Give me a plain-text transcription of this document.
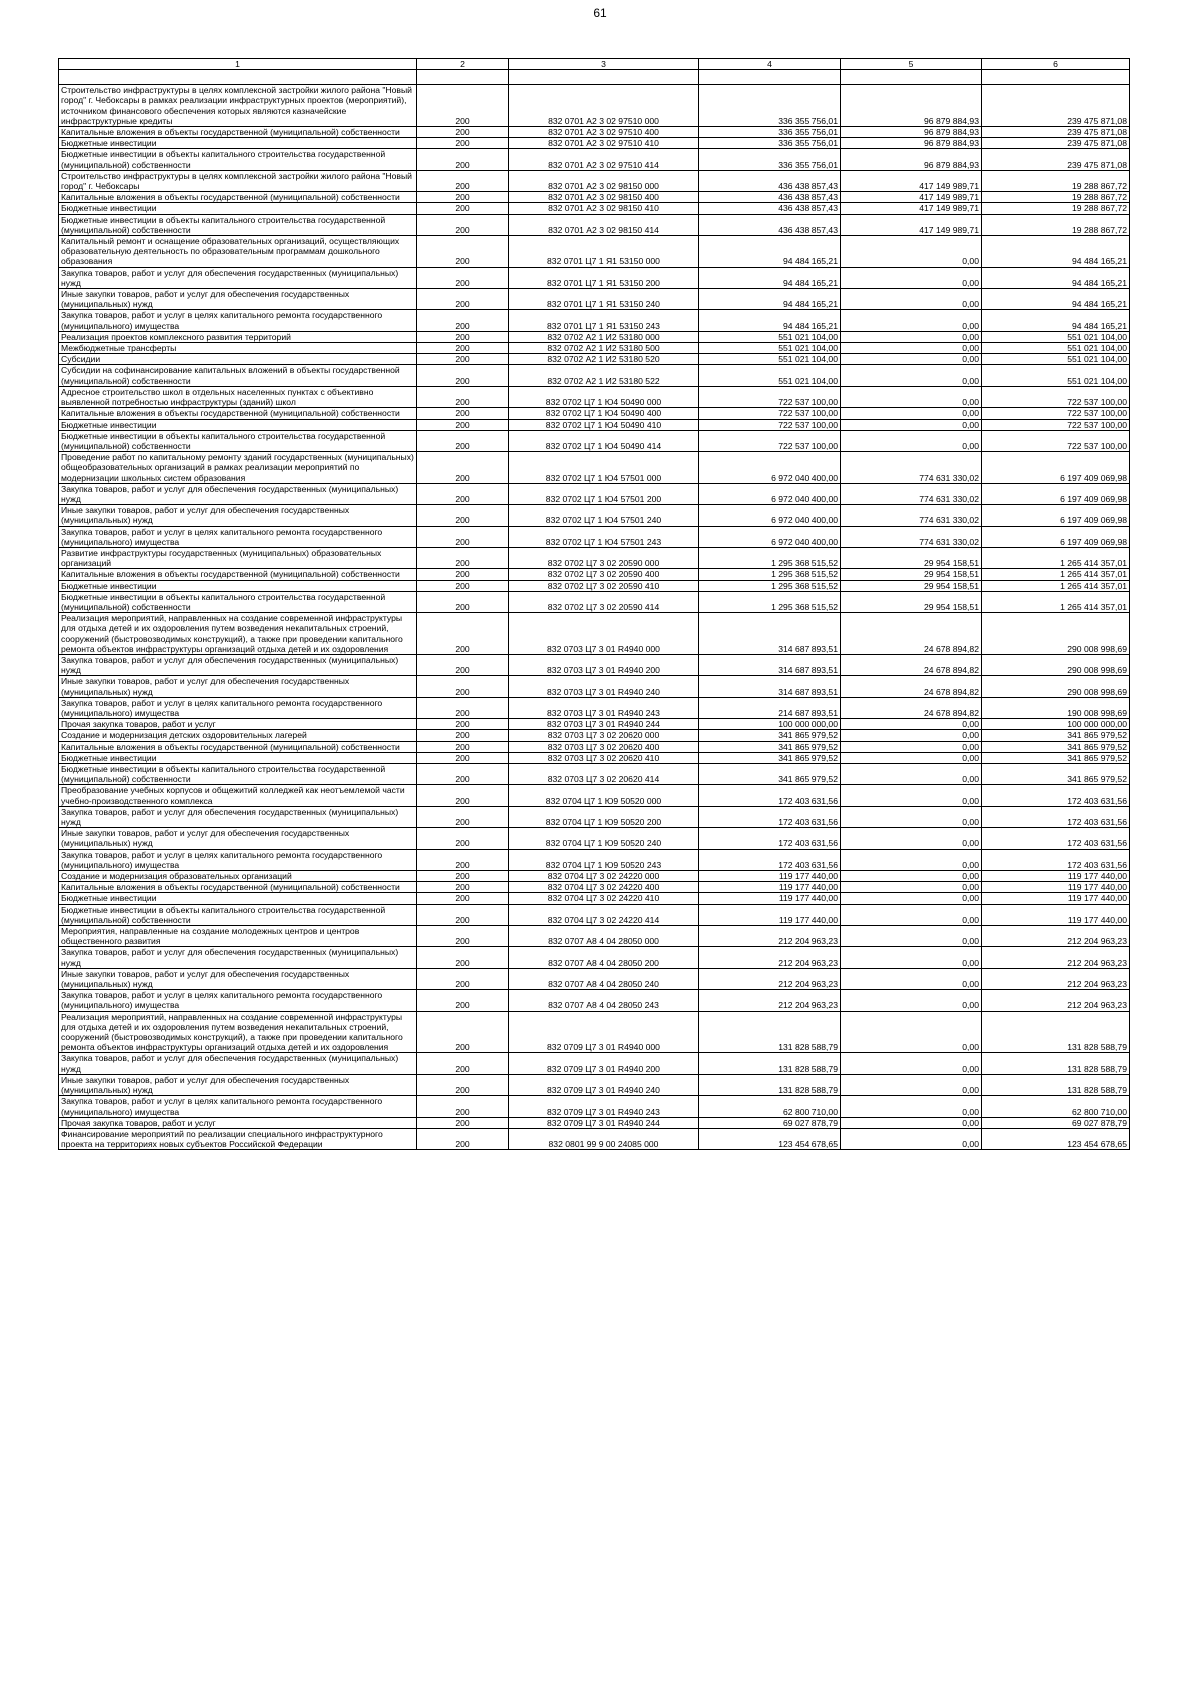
61
1	2	3	4	5	6

Строительство инфраструктуры в целях комплексной застройки жилого района "Новый город" г. Чебоксары в рамках реализации инфраструктурных проектов (мероприятий), источником финансового обеспечения которых являются казначейские инфраструктурные кредиты	200	832 0701 А2 3 02 97510 000	336 355 756,01	96 879 884,93	239 475 871,08
Капитальные вложения в объекты государственной (муниципальной) собственности	200	832 0701 А2 3 02 97510 400	336 355 756,01	96 879 884,93	239 475 871,08
Бюджетные инвестиции	200	832 0701 А2 3 02 97510 410	336 355 756,01	96 879 884,93	239 475 871,08
Бюджетные инвестиции в объекты капитального строительства государственной (муниципальной) собственности	200	832 0701 А2 3 02 97510 414	336 355 756,01	96 879 884,93	239 475 871,08
Строительство инфраструктуры в целях комплексной застройки жилого района "Новый город" г. Чебоксары	200	832 0701 А2 3 02 98150 000	436 438 857,43	417 149 989,71	19 288 867,72
Капитальные вложения в объекты государственной (муниципальной) собственности	200	832 0701 А2 3 02 98150 400	436 438 857,43	417 149 989,71	19 288 867,72
Бюджетные инвестиции	200	832 0701 А2 3 02 98150 410	436 438 857,43	417 149 989,71	19 288 867,72
Бюджетные инвестиции в объекты капитального строительства государственной (муниципальной) собственности	200	832 0701 А2 3 02 98150 414	436 438 857,43	417 149 989,71	19 288 867,72
Капитальный ремонт и оснащение образовательных организаций, осуществляющих образовательную деятельность по образовательным программам дошкольного образования	200	832 0701 Ц7 1 Я1 53150 000	94 484 165,21	0,00	94 484 165,21
Закупка товаров, работ и услуг для обеспечения государственных (муниципальных) нужд	200	832 0701 Ц7 1 Я1 53150 200	94 484 165,21	0,00	94 484 165,21
Иные закупки товаров, работ и услуг для обеспечения государственных (муниципальных) нужд	200	832 0701 Ц7 1 Я1 53150 240	94 484 165,21	0,00	94 484 165,21
Закупка товаров, работ и услуг в целях капитального ремонта государственного (муниципального) имущества	200	832 0701 Ц7 1 Я1 53150 243	94 484 165,21	0,00	94 484 165,21
Реализация проектов комплексного развития территорий	200	832 0702 А2 1 И2 53180 000	551 021 104,00	0,00	551 021 104,00
Межбюджетные трансферты	200	832 0702 А2 1 И2 53180 500	551 021 104,00	0,00	551 021 104,00
Субсидии	200	832 0702 А2 1 И2 53180 520	551 021 104,00	0,00	551 021 104,00
Субсидии на софинансирование капитальных вложений в объекты государственной (муниципальной) собственности	200	832 0702 А2 1 И2 53180 522	551 021 104,00	0,00	551 021 104,00
Адресное строительство школ в отдельных населенных пунктах с объективно выявленной потребностью инфраструктуры (зданий) школ	200	832 0702 Ц7 1 Ю4 50490 000	722 537 100,00	0,00	722 537 100,00
Капитальные вложения в объекты государственной (муниципальной) собственности	200	832 0702 Ц7 1 Ю4 50490 400	722 537 100,00	0,00	722 537 100,00
Бюджетные инвестиции	200	832 0702 Ц7 1 Ю4 50490 410	722 537 100,00	0,00	722 537 100,00
Бюджетные инвестиции в объекты капитального строительства государственной (муниципальной) собственности	200	832 0702 Ц7 1 Ю4 50490 414	722 537 100,00	0,00	722 537 100,00
Проведение работ по капитальному ремонту зданий государственных (муниципальных) общеобразовательных организаций в рамках реализации мероприятий по модернизации школьных систем образования	200	832 0702 Ц7 1 Ю4 57501 000	6 972 040 400,00	774 631 330,02	6 197 409 069,98
Закупка товаров, работ и услуг для обеспечения государственных (муниципальных) нужд	200	832 0702 Ц7 1 Ю4 57501 200	6 972 040 400,00	774 631 330,02	6 197 409 069,98
Иные закупки товаров, работ и услуг для обеспечения государственных (муниципальных) нужд	200	832 0702 Ц7 1 Ю4 57501 240	6 972 040 400,00	774 631 330,02	6 197 409 069,98
Закупка товаров, работ и услуг в целях капитального ремонта государственного (муниципального) имущества	200	832 0702 Ц7 1 Ю4 57501 243	6 972 040 400,00	774 631 330,02	6 197 409 069,98
Развитие инфраструктуры государственных (муниципальных) образовательных организаций	200	832 0702 Ц7 3 02 20590 000	1 295 368 515,52	29 954 158,51	1 265 414 357,01
Капитальные вложения в объекты государственной (муниципальной) собственности	200	832 0702 Ц7 3 02 20590 400	1 295 368 515,52	29 954 158,51	1 265 414 357,01
Бюджетные инвестиции	200	832 0702 Ц7 3 02 20590 410	1 295 368 515,52	29 954 158,51	1 265 414 357,01
Бюджетные инвестиции в объекты капитального строительства государственной (муниципальной) собственности	200	832 0702 Ц7 3 02 20590 414	1 295 368 515,52	29 954 158,51	1 265 414 357,01
Реализация мероприятий, направленных на создание современной инфраструктуры для отдыха детей и их оздоровления путем возведения некапитальных строений, сооружений (быстровозводимых конструкций), а также при проведении капитального ремонта объектов инфраструктуры организаций отдыха детей и их оздоровления	200	832 0703 Ц7 3 01 R4940 000	314 687 893,51	24 678 894,82	290 008 998,69
Закупка товаров, работ и услуг для обеспечения государственных (муниципальных) нужд	200	832 0703 Ц7 3 01 R4940 200	314 687 893,51	24 678 894,82	290 008 998,69
Иные закупки товаров, работ и услуг для обеспечения государственных (муниципальных) нужд	200	832 0703 Ц7 3 01 R4940 240	314 687 893,51	24 678 894,82	290 008 998,69
Закупка товаров, работ и услуг в целях капитального ремонта государственного (муниципального) имущества	200	832 0703 Ц7 3 01 R4940 243	214 687 893,51	24 678 894,82	190 008 998,69
Прочая закупка товаров, работ и услуг	200	832 0703 Ц7 3 01 R4940 244	100 000 000,00	0,00	100 000 000,00
Создание и модернизация детских оздоровительных лагерей	200	832 0703 Ц7 3 02 20620 000	341 865 979,52	0,00	341 865 979,52
Капитальные вложения в объекты государственной (муниципальной) собственности	200	832 0703 Ц7 3 02 20620 400	341 865 979,52	0,00	341 865 979,52
Бюджетные инвестиции	200	832 0703 Ц7 3 02 20620 410	341 865 979,52	0,00	341 865 979,52
Бюджетные инвестиции в объекты капитального строительства государственной (муниципальной) собственности	200	832 0703 Ц7 3 02 20620 414	341 865 979,52	0,00	341 865 979,52
Преобразование учебных корпусов и общежитий колледжей как неотъемлемой части учебно-производственного комплекса	200	832 0704 Ц7 1 Ю9 50520 000	172 403 631,56	0,00	172 403 631,56
Закупка товаров, работ и услуг для обеспечения государственных (муниципальных) нужд	200	832 0704 Ц7 1 Ю9 50520 200	172 403 631,56	0,00	172 403 631,56
Иные закупки товаров, работ и услуг для обеспечения государственных (муниципальных) нужд	200	832 0704 Ц7 1 Ю9 50520 240	172 403 631,56	0,00	172 403 631,56
Закупка товаров, работ и услуг в целях капитального ремонта государственного (муниципального) имущества	200	832 0704 Ц7 1 Ю9 50520 243	172 403 631,56	0,00	172 403 631,56
Создание и модернизация образовательных организаций	200	832 0704 Ц7 3 02 24220 000	119 177 440,00	0,00	119 177 440,00
Капитальные вложения в объекты государственной (муниципальной) собственности	200	832 0704 Ц7 3 02 24220 400	119 177 440,00	0,00	119 177 440,00
Бюджетные инвестиции	200	832 0704 Ц7 3 02 24220 410	119 177 440,00	0,00	119 177 440,00
Бюджетные инвестиции в объекты капитального строительства государственной (муниципальной) собственности	200	832 0704 Ц7 3 02 24220 414	119 177 440,00	0,00	119 177 440,00
Мероприятия, направленные на создание молодежных центров и центров общественного развития	200	832 0707 А8 4 04 28050 000	212 204 963,23	0,00	212 204 963,23
Закупка товаров, работ и услуг для обеспечения государственных (муниципальных) нужд	200	832 0707 А8 4 04 28050 200	212 204 963,23	0,00	212 204 963,23
Иные закупки товаров, работ и услуг для обеспечения государственных (муниципальных) нужд	200	832 0707 А8 4 04 28050 240	212 204 963,23	0,00	212 204 963,23
Закупка товаров, работ и услуг в целях капитального ремонта государственного (муниципального) имущества	200	832 0707 А8 4 04 28050 243	212 204 963,23	0,00	212 204 963,23
Реализация мероприятий, направленных на создание современной инфраструктуры для отдыха детей и их оздоровления путем возведения некапитальных строений, сооружений (быстровозводимых конструкций), а также при проведении капитального ремонта объектов инфраструктуры организаций отдыха детей и их оздоровления	200	832 0709 Ц7 3 01 R4940 000	131 828 588,79	0,00	131 828 588,79
Закупка товаров, работ и услуг для обеспечения государственных (муниципальных) нужд	200	832 0709 Ц7 3 01 R4940 200	131 828 588,79	0,00	131 828 588,79
Иные закупки товаров, работ и услуг для обеспечения государственных (муниципальных) нужд	200	832 0709 Ц7 3 01 R4940 240	131 828 588,79	0,00	131 828 588,79
Закупка товаров, работ и услуг в целях капитального ремонта государственного (муниципального) имущества	200	832 0709 Ц7 3 01 R4940 243	62 800 710,00	0,00	62 800 710,00
Прочая закупка товаров, работ и услуг	200	832 0709 Ц7 3 01 R4940 244	69 027 878,79	0,00	69 027 878,79
Финансирование мероприятий по реализации специального инфраструктурного проекта на территориях новых субъектов Российской Федерации	200	832 0801 99 9 00 24085 000	123 454 678,65	0,00	123 454 678,65
